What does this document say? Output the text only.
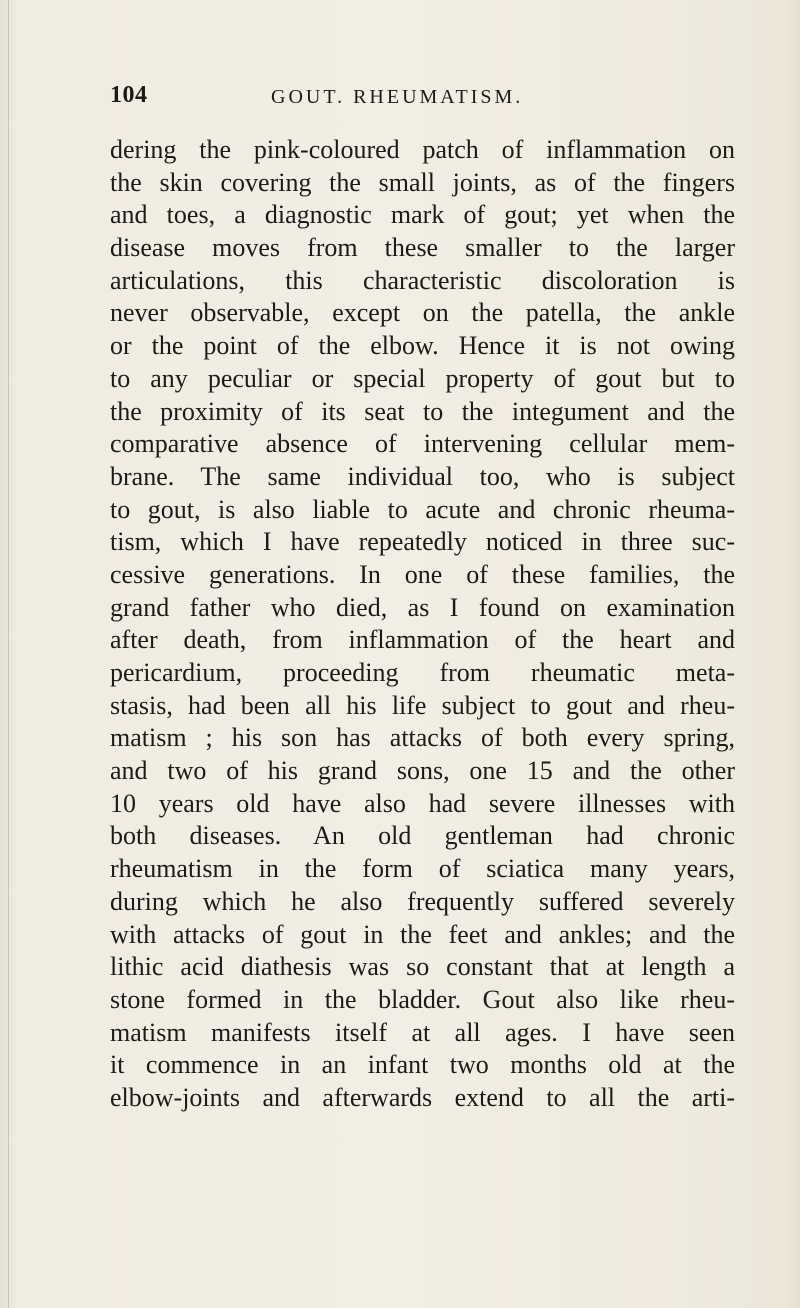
104	GOUT. RHEUMATISM.
dering the pink-coloured patch of inflammation on
the skin covering the small joints, as of the fingers
and toes, a diagnostic mark of gout; yet when the
disease moves from these smaller to the larger
articulations, this characteristic discoloration is
never observable, except on the patella, the ankle
or the point of the elbow. Hence it is not owing
to any peculiar or special property of gout but to
the proximity of its seat to the integument and the
comparative absence of intervening cellular mem-
brane. The same individual too, who is subject
to gout, is also liable to acute and chronic rheuma-
tism, which I have repeatedly noticed in three suc-
cessive generations. In one of these families, the
grand father who died, as I found on examination
after death, from inflammation of the heart and
pericardium, proceeding from rheumatic meta-
stasis, had been all his life subject to gout and rheu-
matism ; his son has attacks of both every spring,
and two of his grand sons, one 15 and the other
10 years old have also had severe illnesses with
both diseases. An old gentleman had chronic
rheumatism in the form of sciatica many years,
during which he also frequently suffered severely
with attacks of gout in the feet and ankles; and the
lithic acid diathesis was so constant that at length a
stone formed in the bladder. Gout also like rheu-
matism manifests itself at all ages. I have seen
it commence in an infant two months old at the
elbow-joints and afterwards extend to all the arti-
